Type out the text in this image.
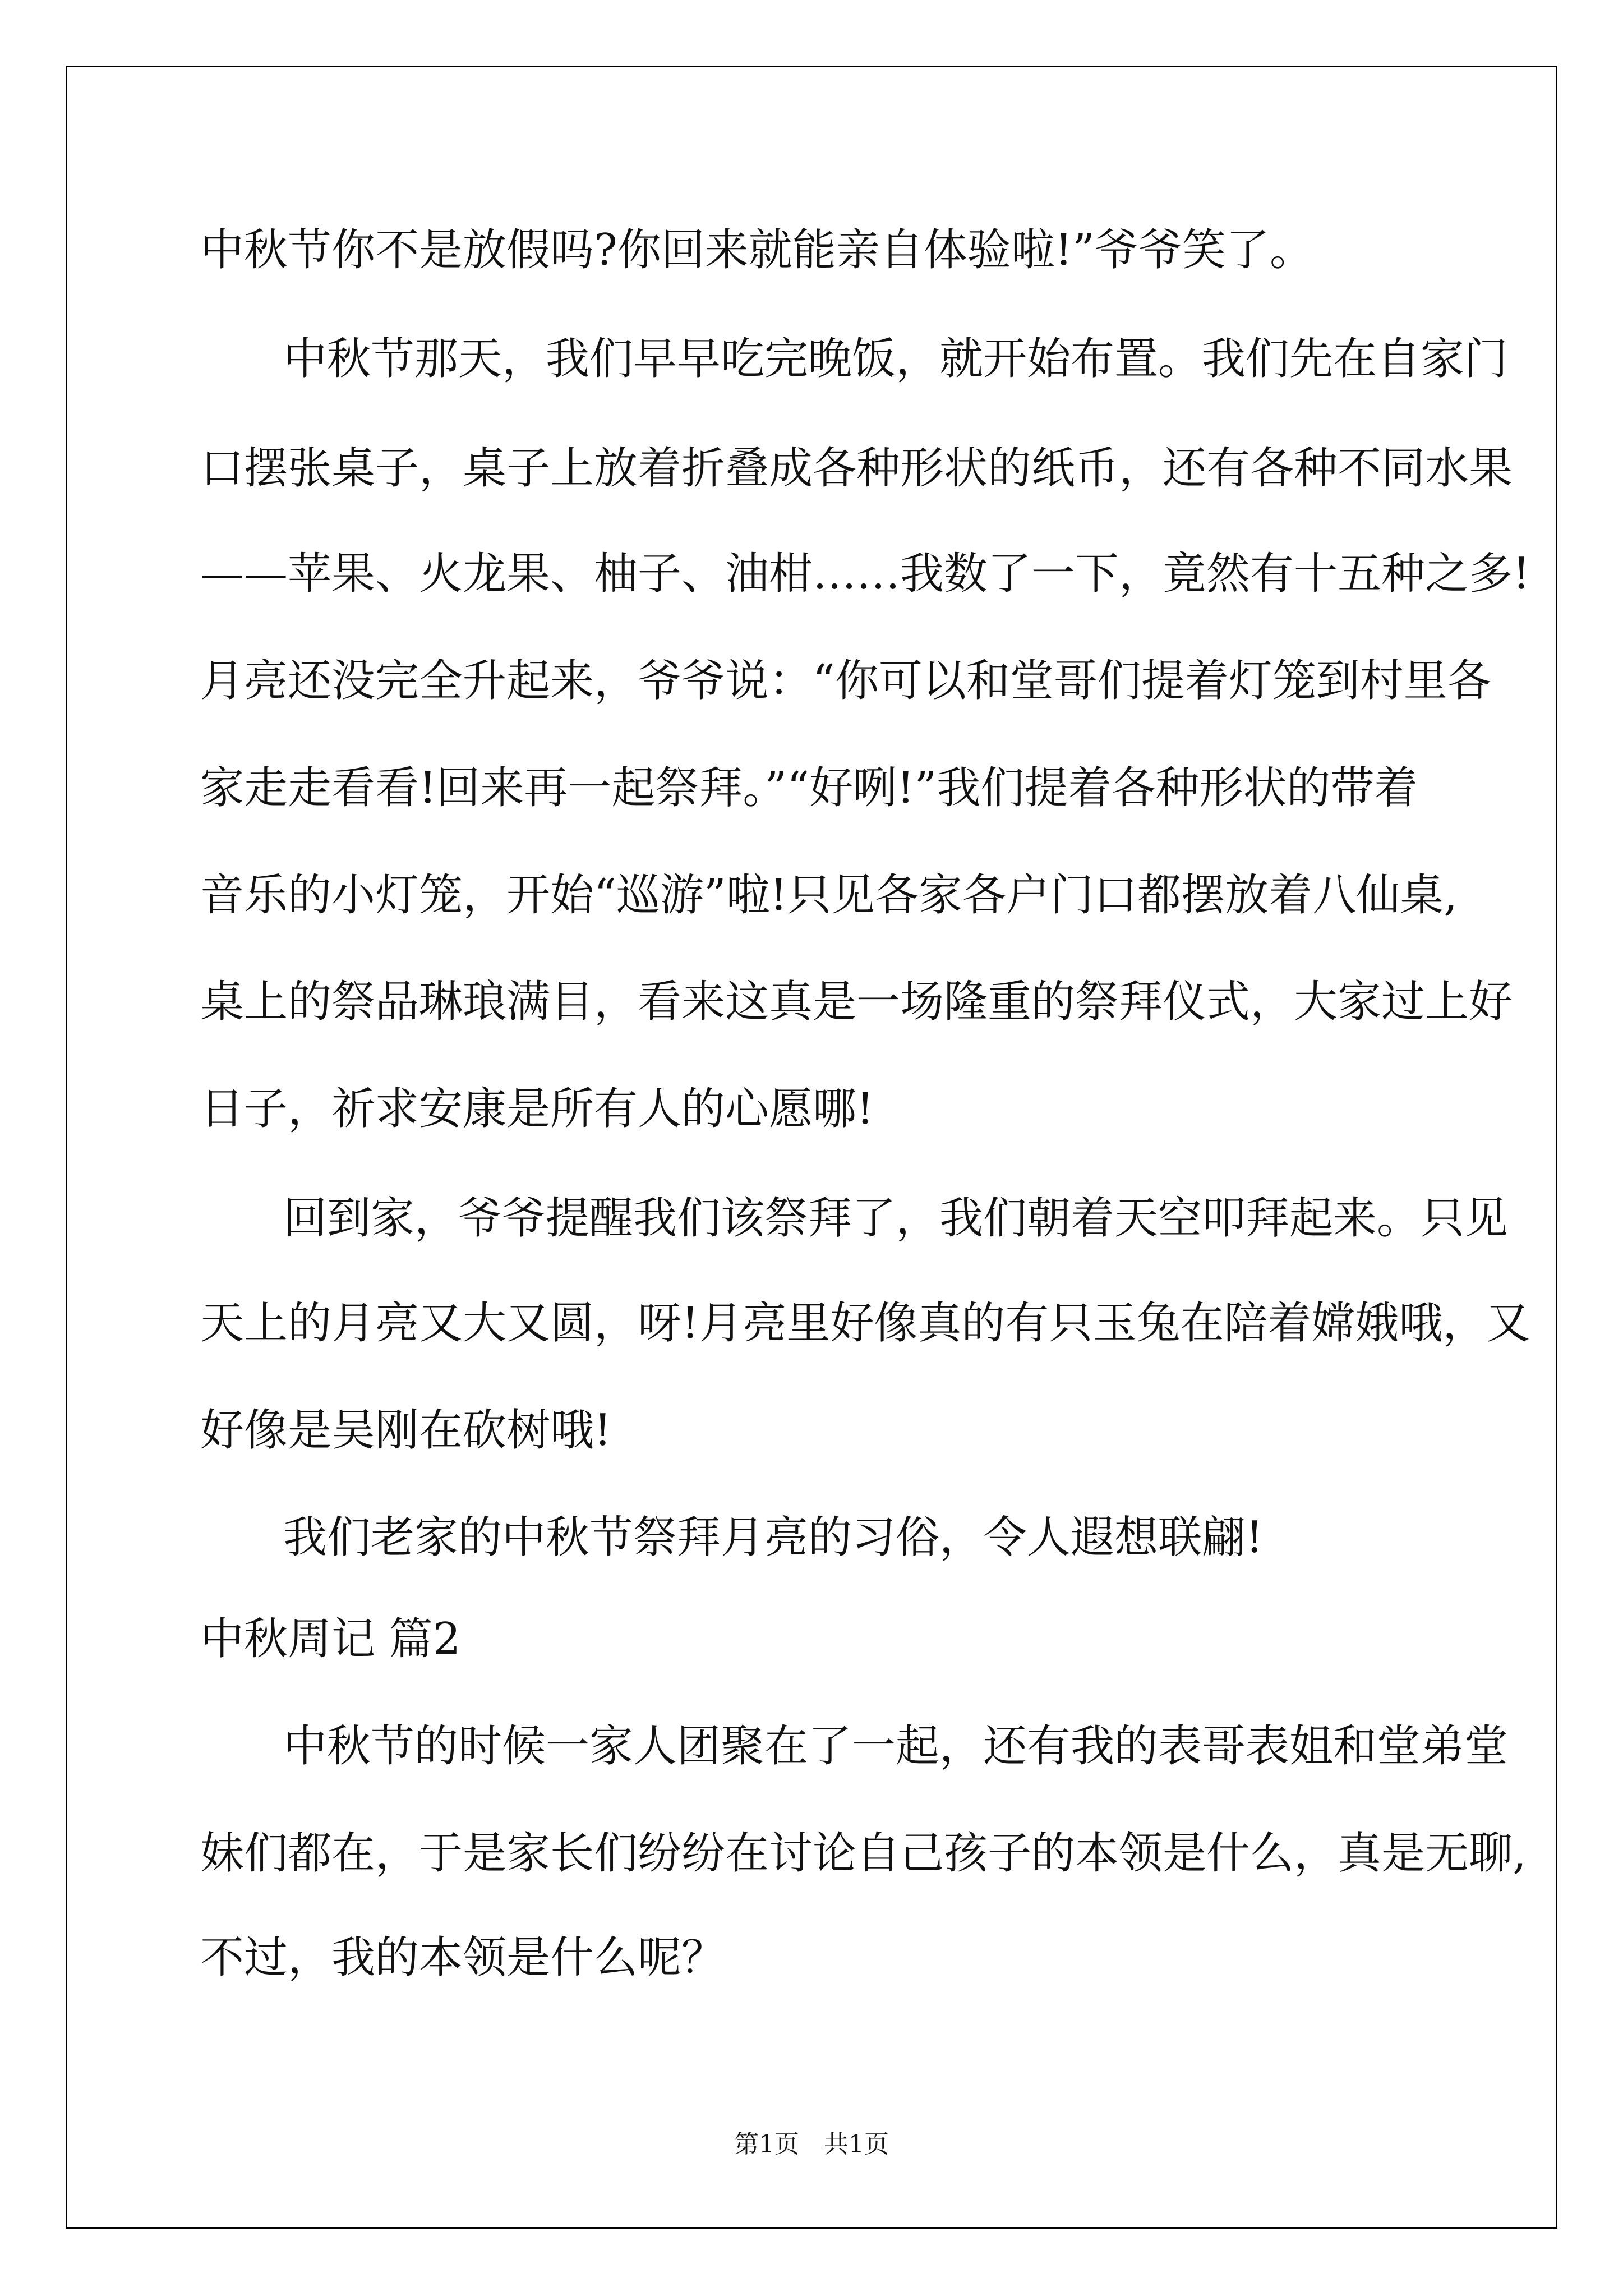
中秋节你不是放假吗?你回来就能亲自体验啦!”爷爷笑了。
中秋节那天，我们早早吃完晚饭，就开始布置。我们先在自家门
口摆张桌子，桌子上放着折叠成各种形状的纸币，还有各种不同水果
——苹果、火龙果、柚子、油柑……我数了一下，竟然有十五种之多!
月亮还没完全升起来，爷爷说：“你可以和堂哥们提着灯笼到村里各
家走走看看!回来再一起祭拜。”“好咧!”我们提着各种形状的带着
音乐的小灯笼，开始“巡游”啦!只见各家各户门口都摆放着八仙桌,
桌上的祭品琳琅满目，看来这真是一场隆重的祭拜仪式，大家过上好
日子，祈求安康是所有人的心愿哪!
回到家，爷爷提醒我们该祭拜了，我们朝着天空叩拜起来。只见
天上的月亮又大又圆，呀!月亮里好像真的有只玉兔在陪着嫦娥哦，又
好像是吴刚在砍树哦!
我们老家的中秋节祭拜月亮的习俗，令人遐想联翩!
中秋周记 篇2
中秋节的时候一家人团聚在了一起，还有我的表哥表姐和堂弟堂
妹们都在，于是家长们纷纷在讨论自己孩子的本领是什么，真是无聊,
不过，我的本领是什么呢？
第1页　共1页
